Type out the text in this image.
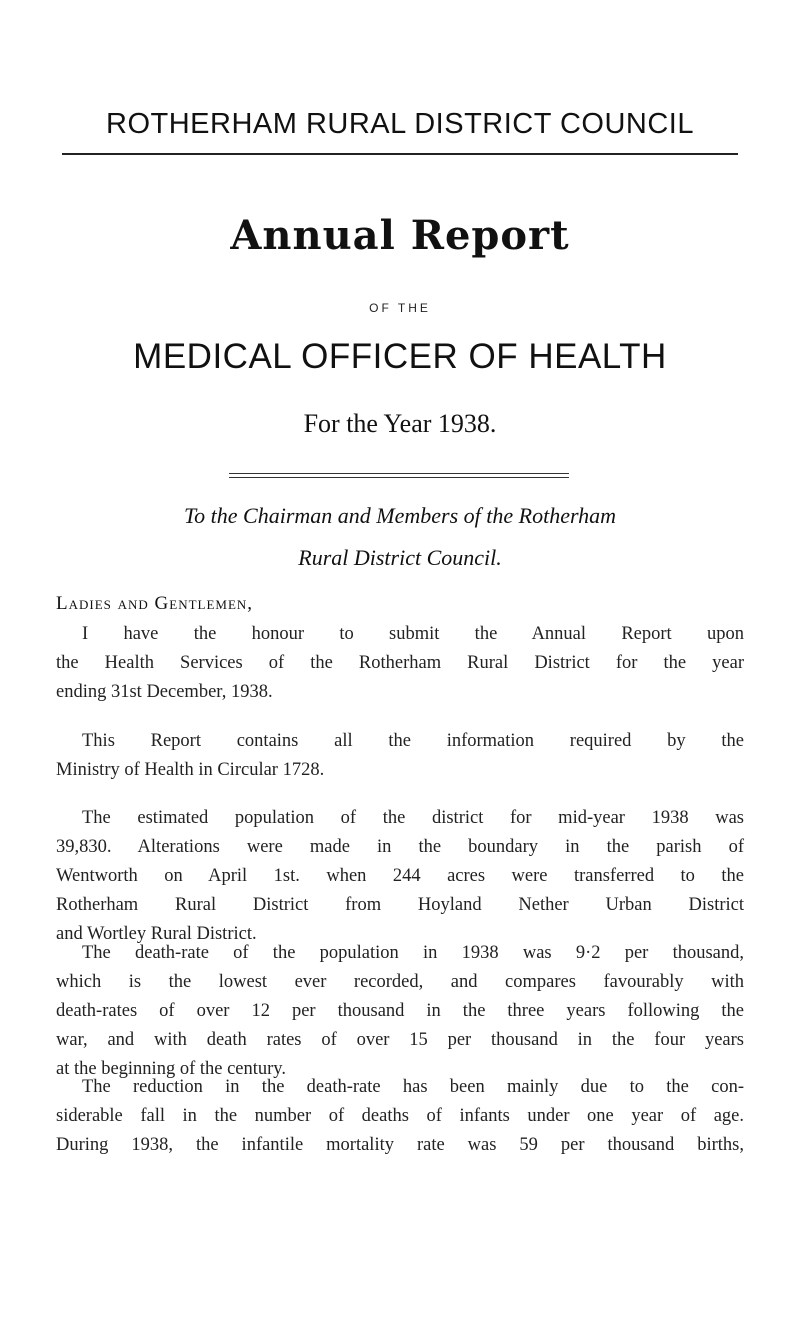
ROTHERHAM RURAL DISTRICT COUNCIL
Annual Report
OF THE
MEDICAL OFFICER OF HEALTH
For the Year 1938.
To the Chairman and Members of the Rotherham
Rural District Council.
Ladies and Gentlemen,
I have the honour to submit the Annual Report upon
the Health Services of the Rotherham Rural District for the year
ending 31st December, 1938.
This Report contains all the information required by the
Ministry of Health in Circular 1728.
The estimated population of the district for mid-year 1938 was
39,830. Alterations were made in the boundary in the parish of
Wentworth on April 1st. when 244 acres were transferred to the
Rotherham Rural District from Hoyland Nether Urban District
and Wortley Rural District.
The death-rate of the population in 1938 was 9·2 per thousand,
which is the lowest ever recorded, and compares favourably with
death-rates of over 12 per thousand in the three years following the
war, and with death rates of over 15 per thousand in the four years
at the beginning of the century.
The reduction in the death-rate has been mainly due to the con-
siderable fall in the number of deaths of infants under one year of age.
During 1938, the infantile mortality rate was 59 per thousand births,
